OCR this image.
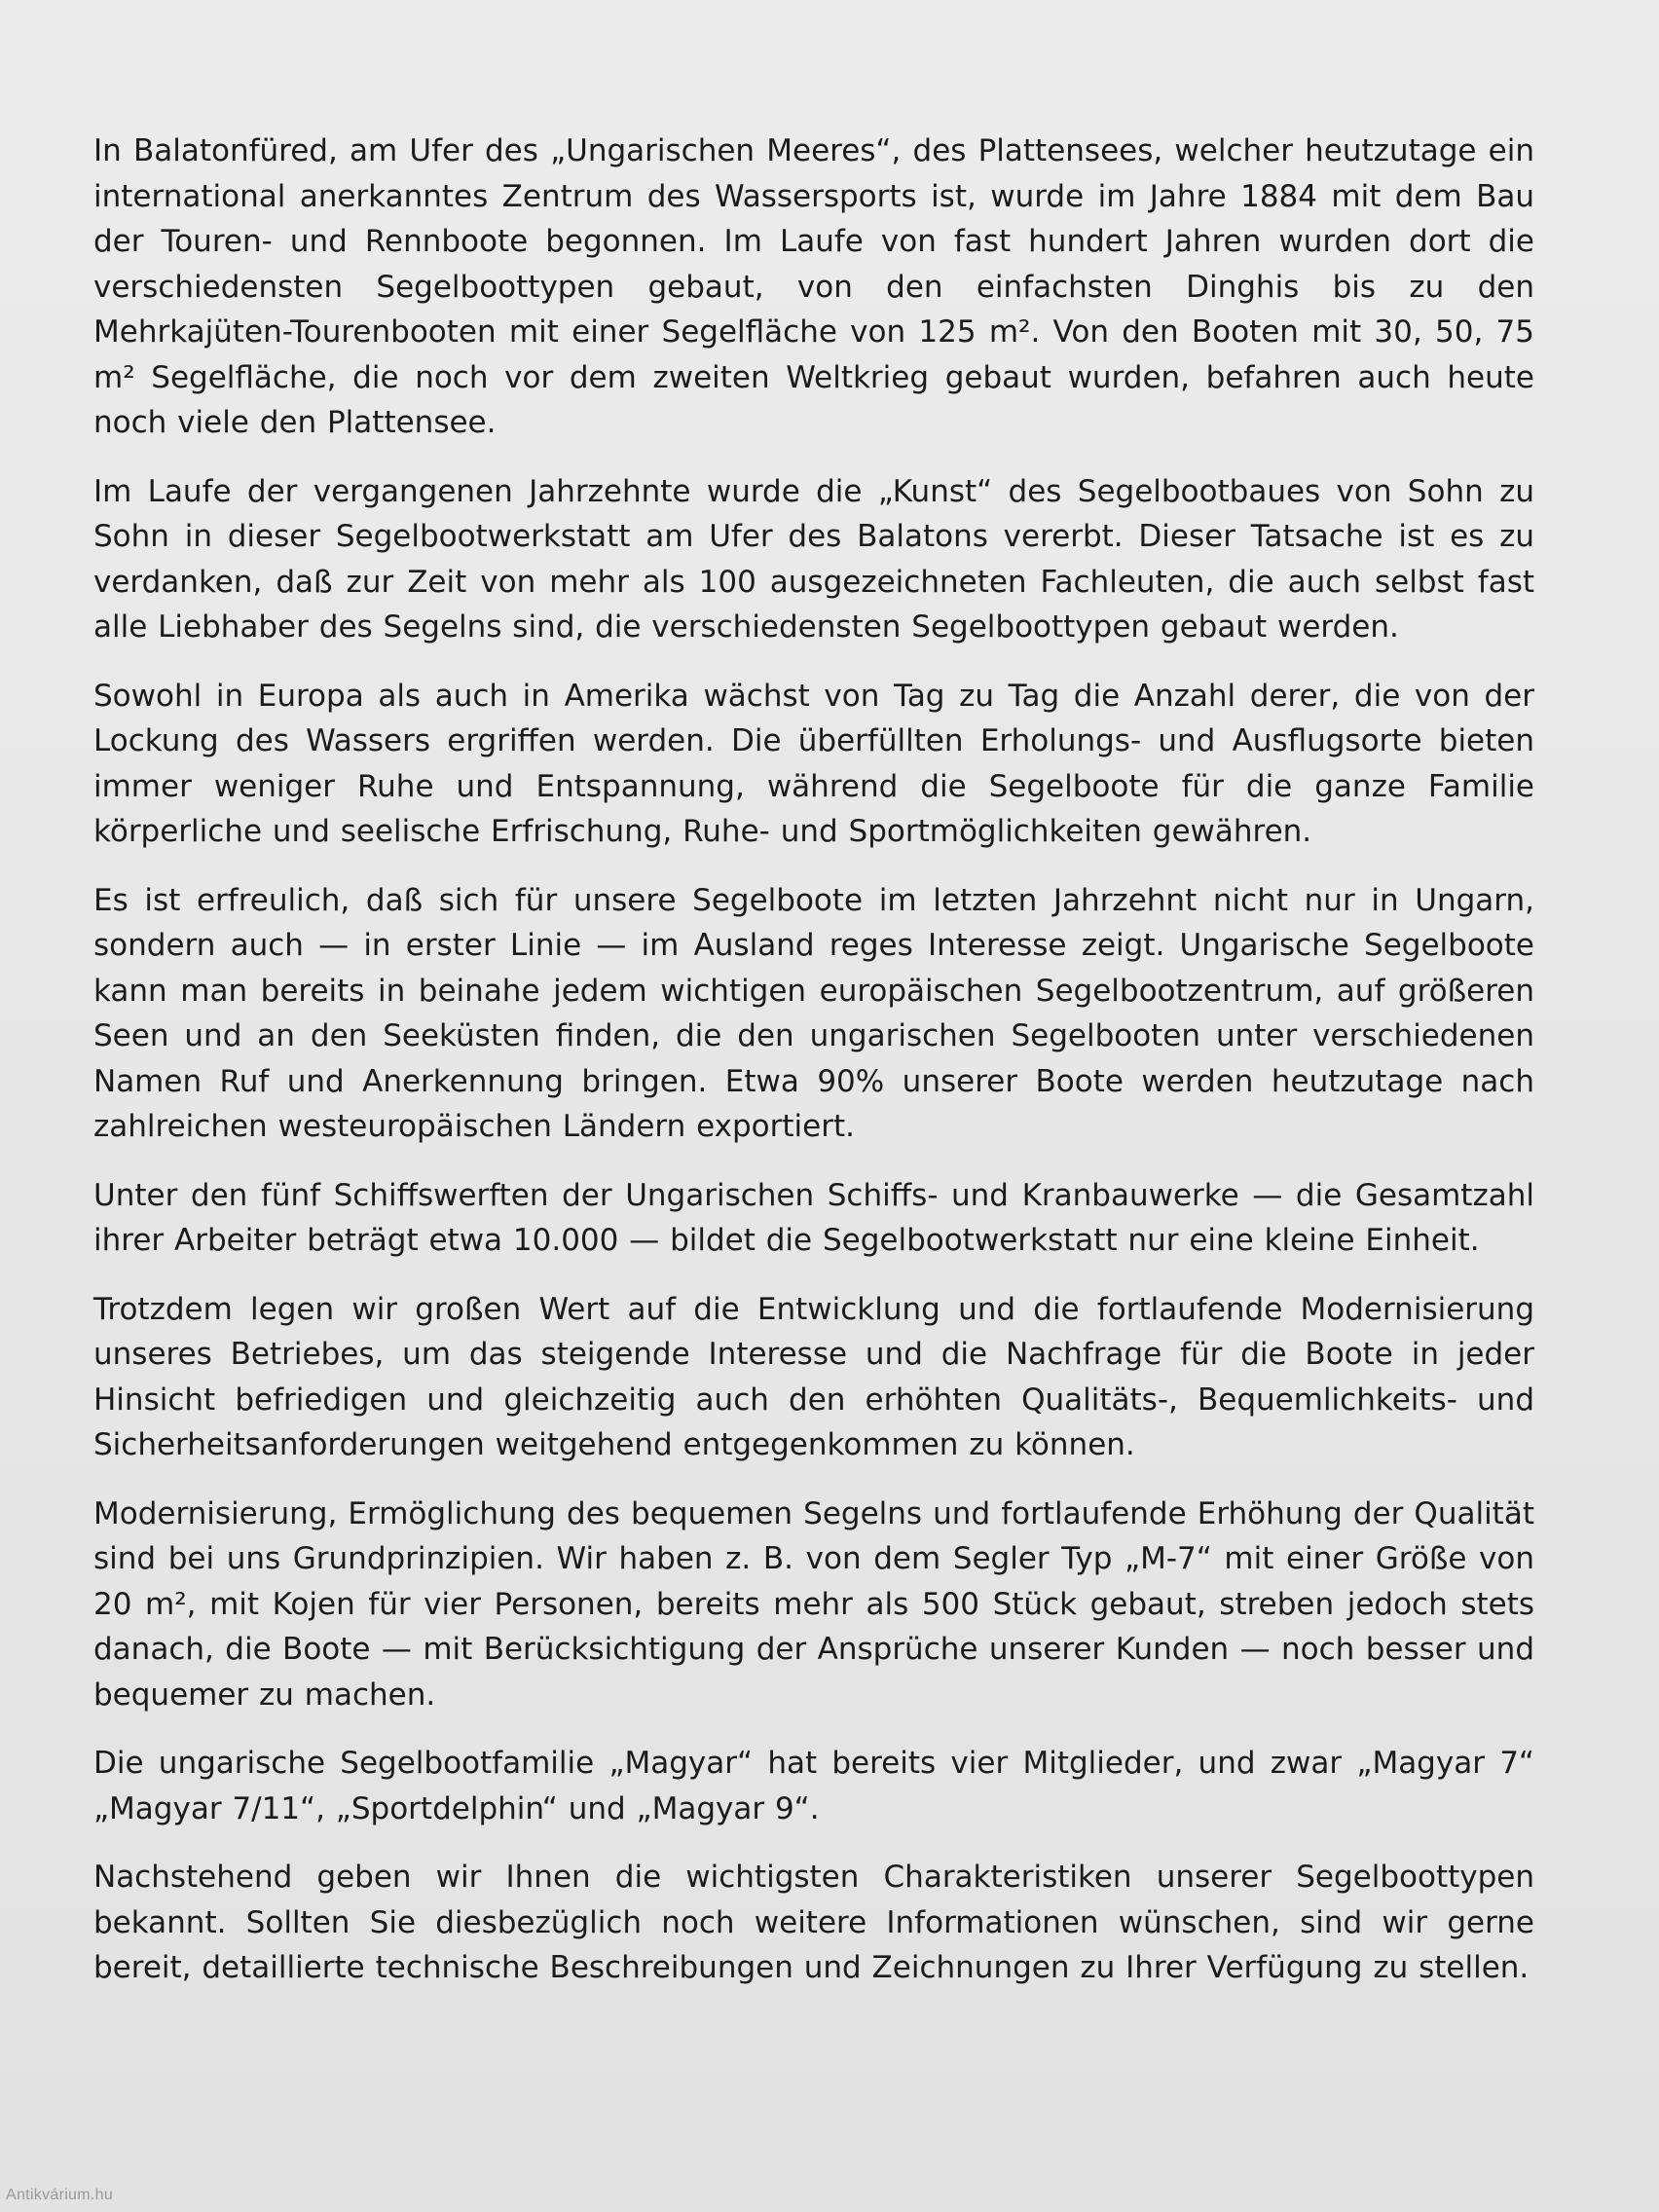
In Balatonfüred, am Ufer des „Ungarischen Meeres“, des Plattensees, welcher heutzutage ein international anerkanntes Zentrum des Wassersports ist, wurde im Jahre 1884 mit dem Bau der Touren- und Rennboote begonnen. Im Laufe von fast hundert Jahren wurden dort die verschiedensten Segelboottypen gebaut, von den einfachsten Dinghis bis zu den Mehrkajüten-Tourenbooten mit einer Segelfläche von 125 m². Von den Booten mit 30, 50, 75 m² Segelfläche, die noch vor dem zweiten Weltkrieg gebaut wurden, befahren auch heute noch viele den Plattensee.

Im Laufe der vergangenen Jahrzehnte wurde die „Kunst“ des Segelbootbaues von Sohn zu Sohn in dieser Segelbootwerkstatt am Ufer des Balatons vererbt. Dieser Tatsache ist es zu verdanken, daß zur Zeit von mehr als 100 ausgezeichneten Fachleuten, die auch selbst fast alle Liebhaber des Segelns sind, die verschiedensten Segelboottypen gebaut werden.

Sowohl in Europa als auch in Amerika wächst von Tag zu Tag die Anzahl derer, die von der Lockung des Wassers ergriffen werden. Die überfüllten Erholungs- und Ausflugsorte bieten immer weniger Ruhe und Entspannung, während die Segelboote für die ganze Familie körperliche und seelische Erfrischung, Ruhe- und Sportmöglichkeiten gewähren.

Es ist erfreulich, daß sich für unsere Segelboote im letzten Jahrzehnt nicht nur in Ungarn, sondern auch — in erster Linie — im Ausland reges Interesse zeigt. Ungarische Segelboote kann man bereits in beinahe jedem wichtigen europäischen Segelbootzentrum, auf größeren Seen und an den Seeküsten finden, die den ungarischen Segelbooten unter verschiedenen Namen Ruf und Anerkennung bringen. Etwa 90% unserer Boote werden heutzutage nach zahlreichen westeuropäischen Ländern exportiert.

Unter den fünf Schiffswerften der Ungarischen Schiffs- und Kranbauwerke — die Gesamtzahl ihrer Arbeiter beträgt etwa 10.000 — bildet die Segelbootwerkstatt nur eine kleine Einheit.

Trotzdem legen wir großen Wert auf die Entwicklung und die fortlaufende Modernisierung unseres Betriebes, um das steigende Interesse und die Nachfrage für die Boote in jeder Hinsicht befriedigen und gleichzeitig auch den erhöhten Qualitäts-, Bequemlichkeits- und Sicherheitsanforderungen weitgehend entgegenkommen zu können.

Modernisierung, Ermöglichung des bequemen Segelns und fortlaufende Erhöhung der Qualität sind bei uns Grundprinzipien. Wir haben z. B. von dem Segler Typ „M-7“ mit einer Größe von 20 m², mit Kojen für vier Personen, bereits mehr als 500 Stück gebaut, streben jedoch stets danach, die Boote — mit Berücksichtigung der Ansprüche unserer Kunden — noch besser und bequemer zu machen.

Die ungarische Segelbootfamilie „Magyar“ hat bereits vier Mitglieder, und zwar „Magyar 7“ „Magyar 7/11“, „Sportdelphin“ und „Magyar 9“.

Nachstehend geben wir Ihnen die wichtigsten Charakteristiken unserer Segelboottypen bekannt. Sollten Sie diesbezüglich noch weitere Informationen wünschen, sind wir gerne bereit, detaillierte technische Beschreibungen und Zeichnungen zu Ihrer Verfügung zu stellen.

Antikvárium.hu
